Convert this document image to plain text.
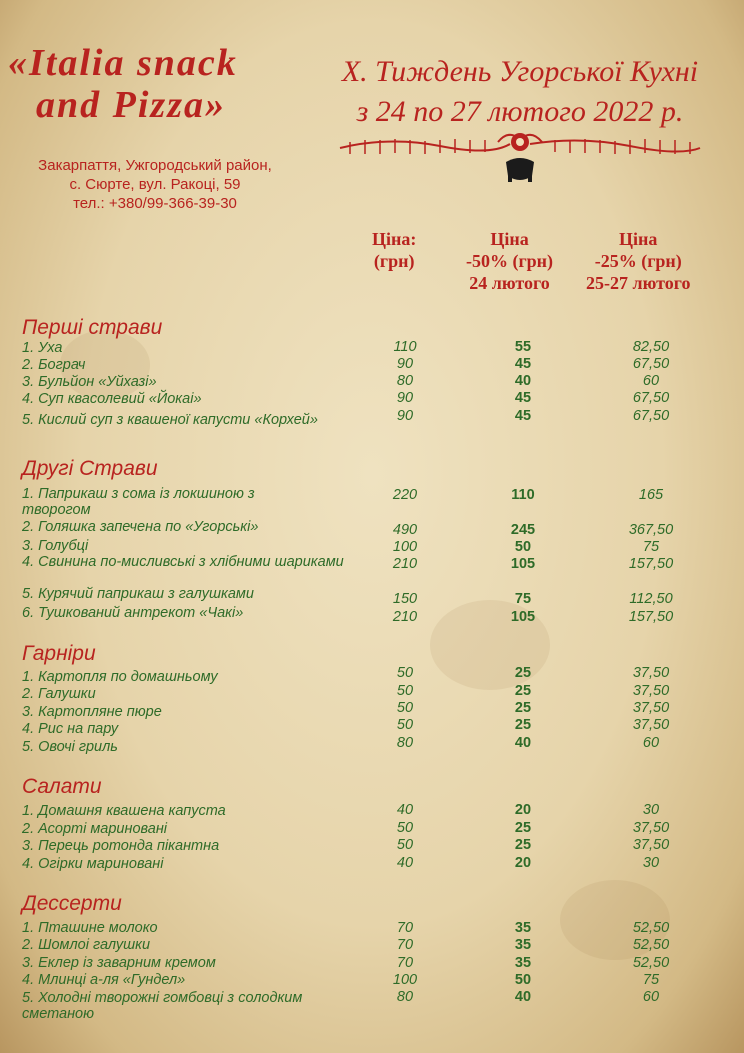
«Italia snack
and Pizza»
Закарпаття, Ужгородський район,
с. Сюрте, вул. Ракоці, 59
тел.: +380/99-366-39-30
X. Тиждень Угорської Кухні
з 24 по 27 лютого 2022 р.
Ціна:
(грн)
Ціна
-50% (грн)
24 лютого
Ціна
-25% (грн)
25-27 лютого
Перші страви
1. Уха	110	55	82,50
2. Бограч	90	45	67,50
3. Бульйон «Уйхазі»	80	40	60
4. Суп квасолевий «Йокаі»	90	45	67,50
5. Кислий суп з квашеної капусти «Корхей»	90	45	67,50
Другі Страви
1. Паприкаш з сома із локшиною з творогом
220	110	165
2. Голяшка запечена по «Угорські»	490	245	367,50
3. Голубці	100	50	75
4. Свинина по-мисливські з хлібними шариками	210	105	157,50
5. Курячий паприкаш з галушками	150	75	112,50
6. Тушкований антрекот «Чакі»	210	105	157,50
Гарніри
1. Картопля по домашньому	50	25	37,50
2. Галушки	50	25	37,50
3. Картопляне пюре	50	25	37,50
4. Рис на пару	50	25	37,50
5. Овочі гриль	80	40	60
Салати
1. Домашня квашена капуста	40	20	30
2. Асорті мариновані	50	25	37,50
3. Перець ротонда пікантна	50	25	37,50
4. Огірки мариновані	40	20	30
Дессерти
1. Пташине молоко	70	35	52,50
2. Шомлоі галушки	70	35	52,50
3. Еклер із заварним кремом	70	35	52,50
4. Млинці а-ля «Гундел»	100	50	75
5. Холодні творожні гомбовці з солодким сметаною
80	40	60
